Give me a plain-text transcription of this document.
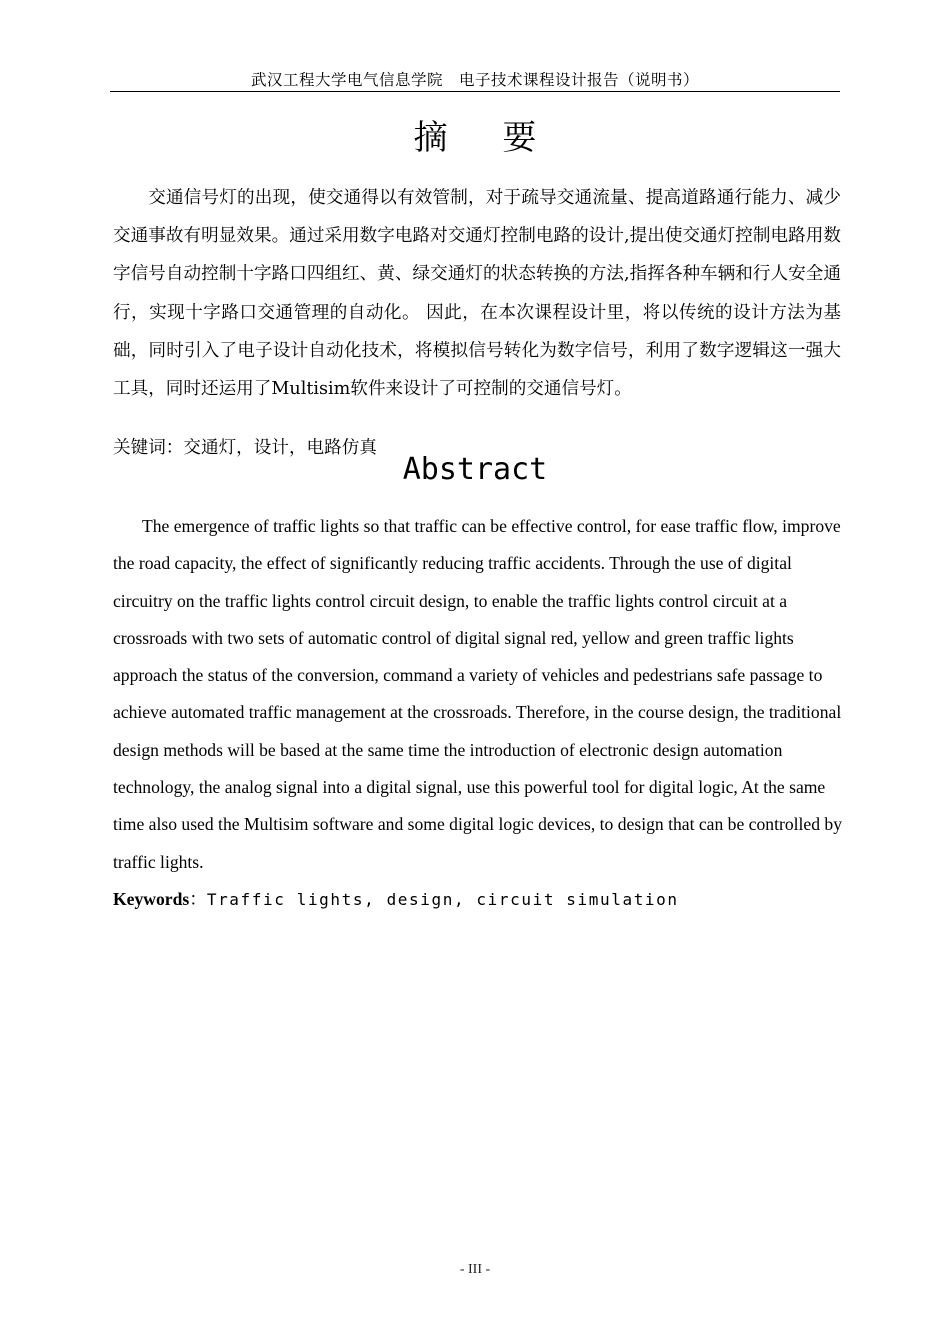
武汉工程大学电气信息学院　电子技术课程设计报告（说明书）
摘 要

交通信号灯的出现，使交通得以有效管制，对于疏导交通流量、提高道路通行能力、减少交通事故有明显效果。通过采用数字电路对交通灯控制电路的设计,提出使交通灯控制电路用数字信号自动控制十字路口四组红、黄、绿交通灯的状态转换的方法,指挥各种车辆和行人安全通行，实现十字路口交通管理的自动化。 因此，在本次课程设计里，将以传统的设计方法为基础，同时引入了电子设计自动化技术，将模拟信号转化为数字信号，利用了数字逻辑这一强大工具，同时还运用了Multisim软件来设计了可控制的交通信号灯。

关键词：交通灯，设计，电路仿真
Abstract

The emergence of traffic lights so that traffic can be effective control, for ease traffic flow, improve the road capacity, the effect of significantly reducing traffic accidents. Through the use of digital circuitry on the traffic lights control circuit design, to enable the traffic lights control circuit at a crossroads with two sets of automatic control of digital signal red, yellow and green traffic lights approach the status of the conversion, command a variety of vehicles and pedestrians safe passage to achieve automated traffic management at the crossroads. Therefore, in the course design, the traditional design methods will be based at the same time the introduction of electronic design automation technology, the analog signal into a digital signal, use this powerful tool for digital logic, At the same time also used the Multisim software and some digital logic devices, to design that can be controlled by traffic lights.

Keywords：Traffic lights, design, circuit simulation
- III -
